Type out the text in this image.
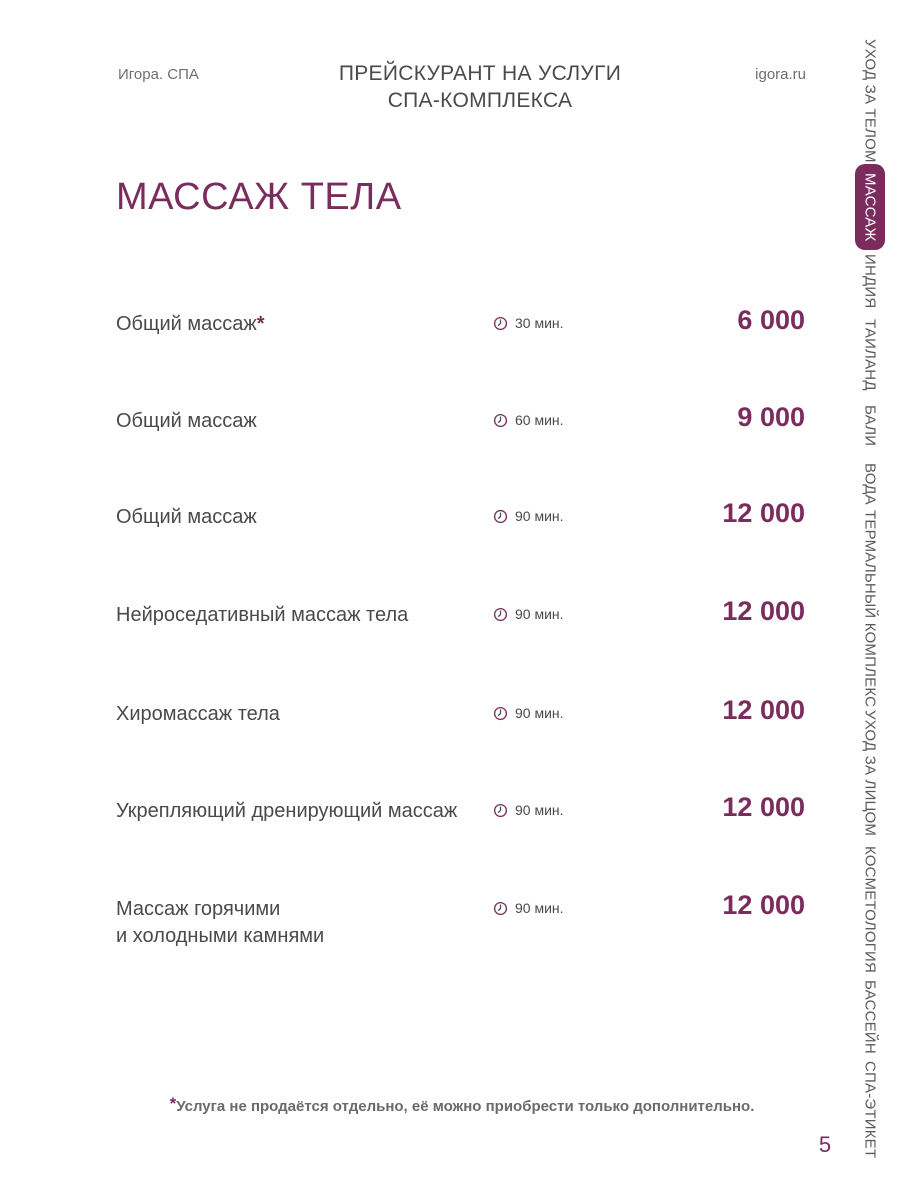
Игора. СПА	ПРЕЙСКУРАНТ НА УСЛУГИ
СПА-КОМПЛЕКСА
igora.ru
МАССАЖ ТЕЛА
Общий массаж*	30 мин.	6 000
Общий массаж	60 мин.	9 000
Общий массаж	90 мин.	12 000
Нейроседативный массаж тела	90 мин.	12 000
Хиромассаж тела	90 мин.	12 000
Укрепляющий дренирующий массаж	90 мин.	12 000
Массаж горячими
и холодными камнями
90 мин.	12 000
*Услуга не продаётся отдельно, её можно приобрести только дополнительно.
5
УХОД ЗА ТЕЛОМ
МАССАЖ
ИНДИЯ
ТАИЛАНД
БАЛИ
ВОДА
ТЕРМАЛЬНЫЙ КОМПЛЕКС
УХОД ЗА ЛИЦОМ
КОСМЕТОЛОГИЯ
БАССЕЙН
СПА-ЭТИКЕТ
